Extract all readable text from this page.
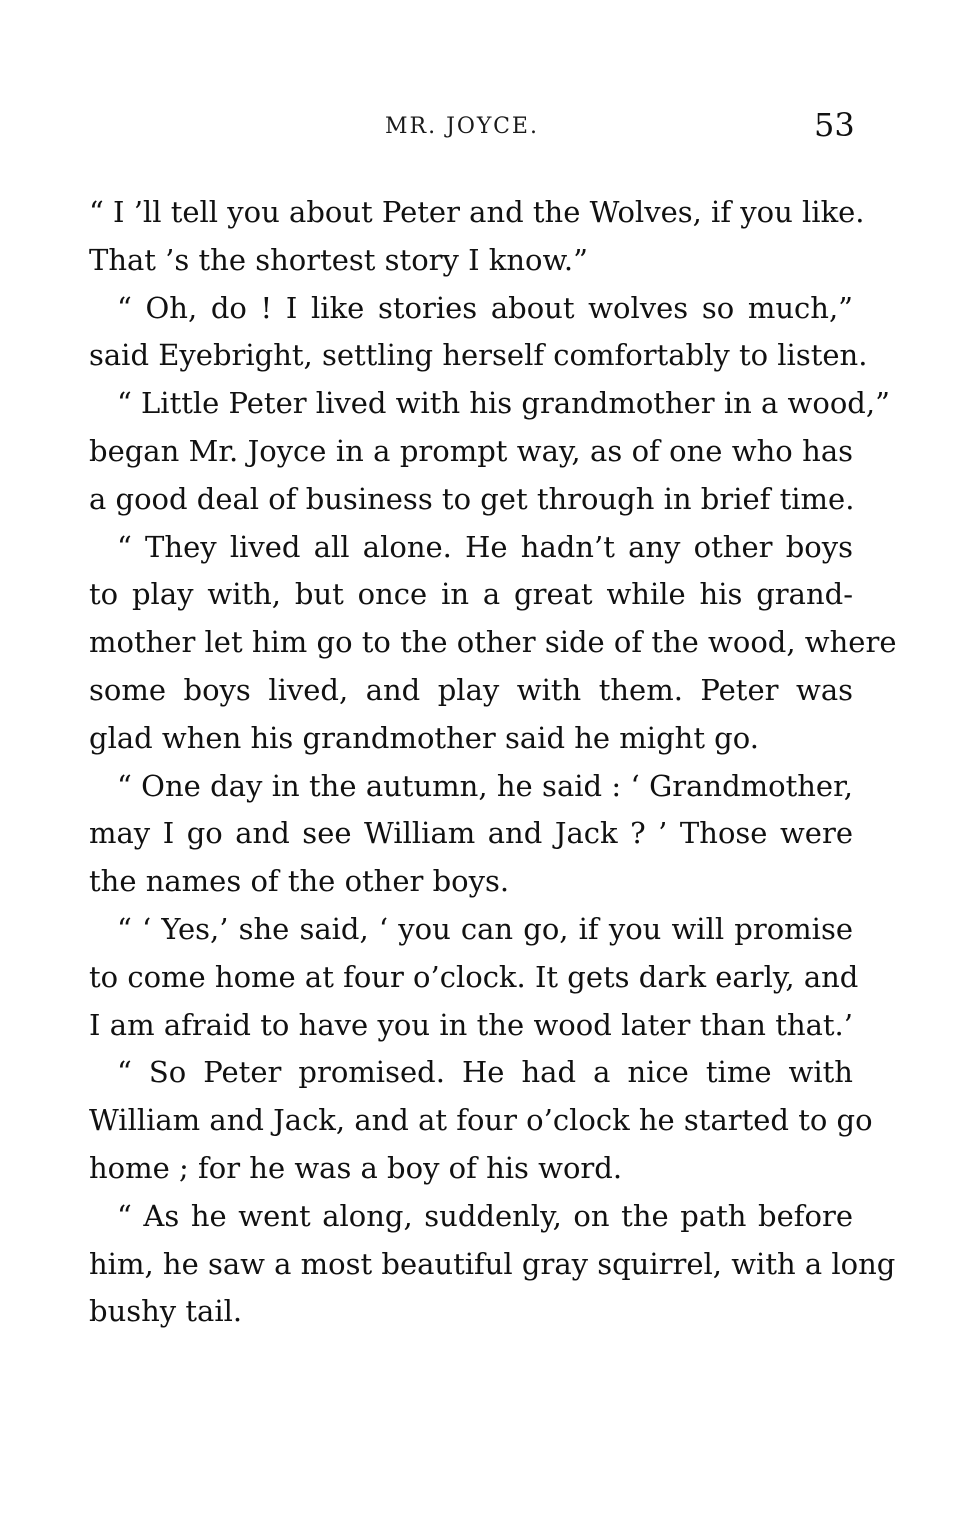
MR. JOYCE.	53
“ I ’ll tell you about Peter and the Wolves, if you like.
That ’s the shortest story I know.”
“ Oh, do ! I like stories about wolves so much,”
said Eyebright, settling herself comfortably to listen.
“ Little Peter lived with his grandmother in a wood,”
began Mr. Joyce in a prompt way, as of one who has
a good deal of business to get through in brief time.
“ They lived all alone. He hadn’t any other boys
to play with, but once in a great while his grand-
mother let him go to the other side of the wood, where
some boys lived, and play with them. Peter was
glad when his grandmother said he might go.
“ One day in the autumn, he said : ‘ Grandmother,
may I go and see William and Jack ? ’ Those were
the names of the other boys.
“ ‘ Yes,’ she said, ‘ you can go, if you will promise
to come home at four o’clock. It gets dark early, and
I am afraid to have you in the wood later than that.’
“ So Peter promised. He had a nice time with
William and Jack, and at four o’clock he started to go
home ; for he was a boy of his word.
“ As he went along, suddenly, on the path before
him, he saw a most beautiful gray squirrel, with a long
bushy tail.
